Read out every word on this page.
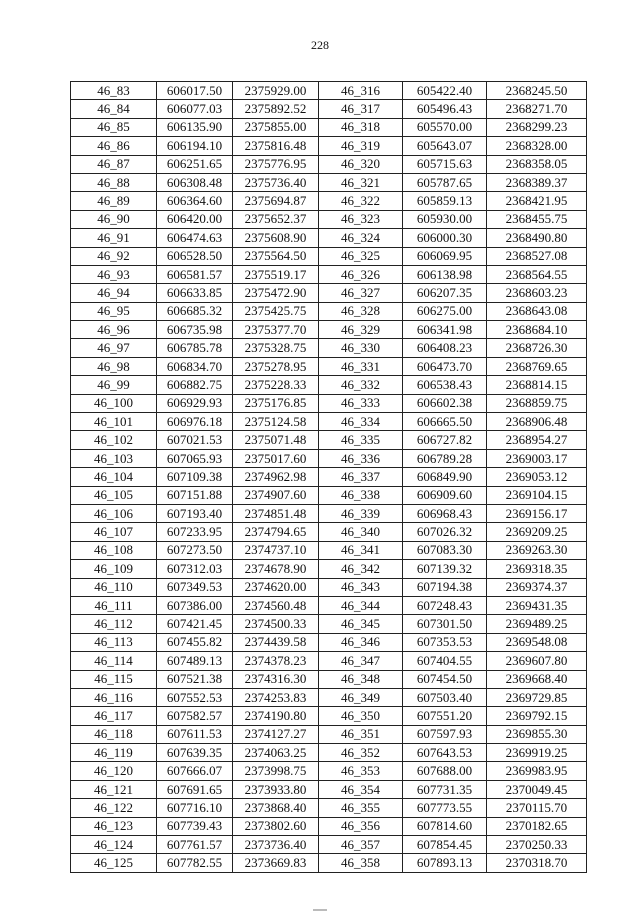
228
46_83	606017.50	2375929.00	46_316	605422.40	2368245.50
46_84	606077.03	2375892.52	46_317	605496.43	2368271.70
46_85	606135.90	2375855.00	46_318	605570.00	2368299.23
46_86	606194.10	2375816.48	46_319	605643.07	2368328.00
46_87	606251.65	2375776.95	46_320	605715.63	2368358.05
46_88	606308.48	2375736.40	46_321	605787.65	2368389.37
46_89	606364.60	2375694.87	46_322	605859.13	2368421.95
46_90	606420.00	2375652.37	46_323	605930.00	2368455.75
46_91	606474.63	2375608.90	46_324	606000.30	2368490.80
46_92	606528.50	2375564.50	46_325	606069.95	2368527.08
46_93	606581.57	2375519.17	46_326	606138.98	2368564.55
46_94	606633.85	2375472.90	46_327	606207.35	2368603.23
46_95	606685.32	2375425.75	46_328	606275.00	2368643.08
46_96	606735.98	2375377.70	46_329	606341.98	2368684.10
46_97	606785.78	2375328.75	46_330	606408.23	2368726.30
46_98	606834.70	2375278.95	46_331	606473.70	2368769.65
46_99	606882.75	2375228.33	46_332	606538.43	2368814.15
46_100	606929.93	2375176.85	46_333	606602.38	2368859.75
46_101	606976.18	2375124.58	46_334	606665.50	2368906.48
46_102	607021.53	2375071.48	46_335	606727.82	2368954.27
46_103	607065.93	2375017.60	46_336	606789.28	2369003.17
46_104	607109.38	2374962.98	46_337	606849.90	2369053.12
46_105	607151.88	2374907.60	46_338	606909.60	2369104.15
46_106	607193.40	2374851.48	46_339	606968.43	2369156.17
46_107	607233.95	2374794.65	46_340	607026.32	2369209.25
46_108	607273.50	2374737.10	46_341	607083.30	2369263.30
46_109	607312.03	2374678.90	46_342	607139.32	2369318.35
46_110	607349.53	2374620.00	46_343	607194.38	2369374.37
46_111	607386.00	2374560.48	46_344	607248.43	2369431.35
46_112	607421.45	2374500.33	46_345	607301.50	2369489.25
46_113	607455.82	2374439.58	46_346	607353.53	2369548.08
46_114	607489.13	2374378.23	46_347	607404.55	2369607.80
46_115	607521.38	2374316.30	46_348	607454.50	2369668.40
46_116	607552.53	2374253.83	46_349	607503.40	2369729.85
46_117	607582.57	2374190.80	46_350	607551.20	2369792.15
46_118	607611.53	2374127.27	46_351	607597.93	2369855.30
46_119	607639.35	2374063.25	46_352	607643.53	2369919.25
46_120	607666.07	2373998.75	46_353	607688.00	2369983.95
46_121	607691.65	2373933.80	46_354	607731.35	2370049.45
46_122	607716.10	2373868.40	46_355	607773.55	2370115.70
46_123	607739.43	2373802.60	46_356	607814.60	2370182.65
46_124	607761.57	2373736.40	46_357	607854.45	2370250.33
46_125	607782.55	2373669.83	46_358	607893.13	2370318.70
